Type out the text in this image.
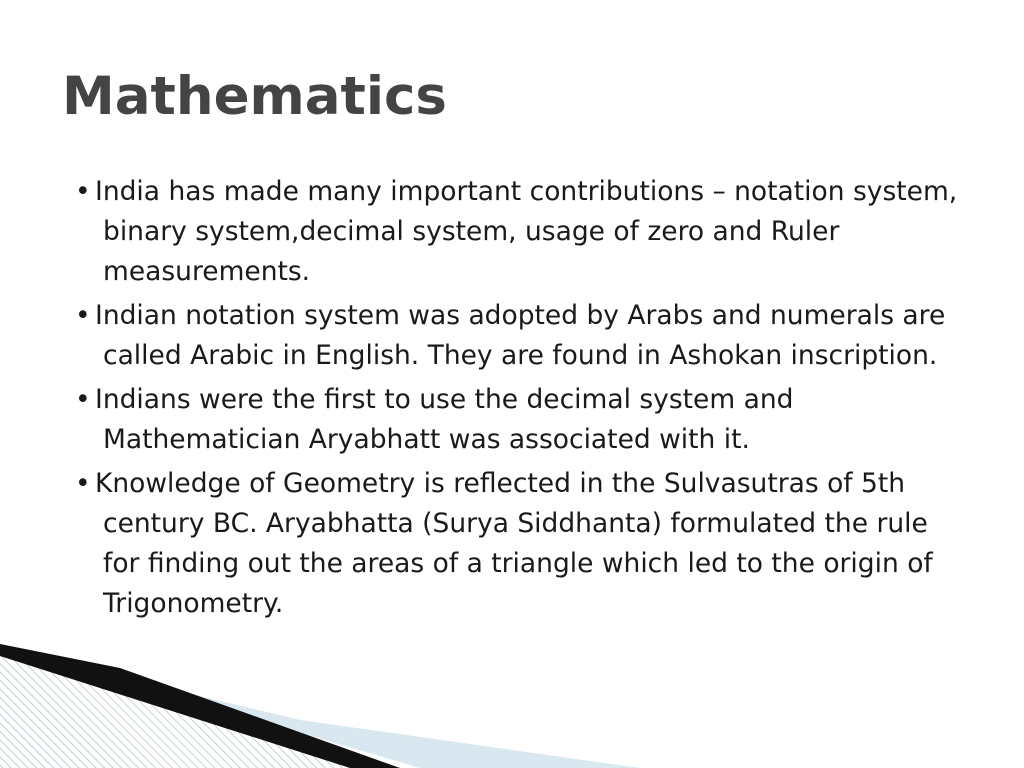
Mathematics
• India has made many important contributions – notation system, binary system,decimal system, usage of zero and Ruler measurements.
• Indian notation system was adopted by Arabs and numerals are called Arabic in English. They are found in Ashokan inscription.
• Indians were the first to use the decimal system and Mathematician Aryabhatt was associated with it.
• Knowledge of Geometry is reflected in the Sulvasutras of 5th century BC. Aryabhatta (Surya Siddhanta) formulated the rule for finding out the areas of a triangle which led to the origin of Trigonometry.
